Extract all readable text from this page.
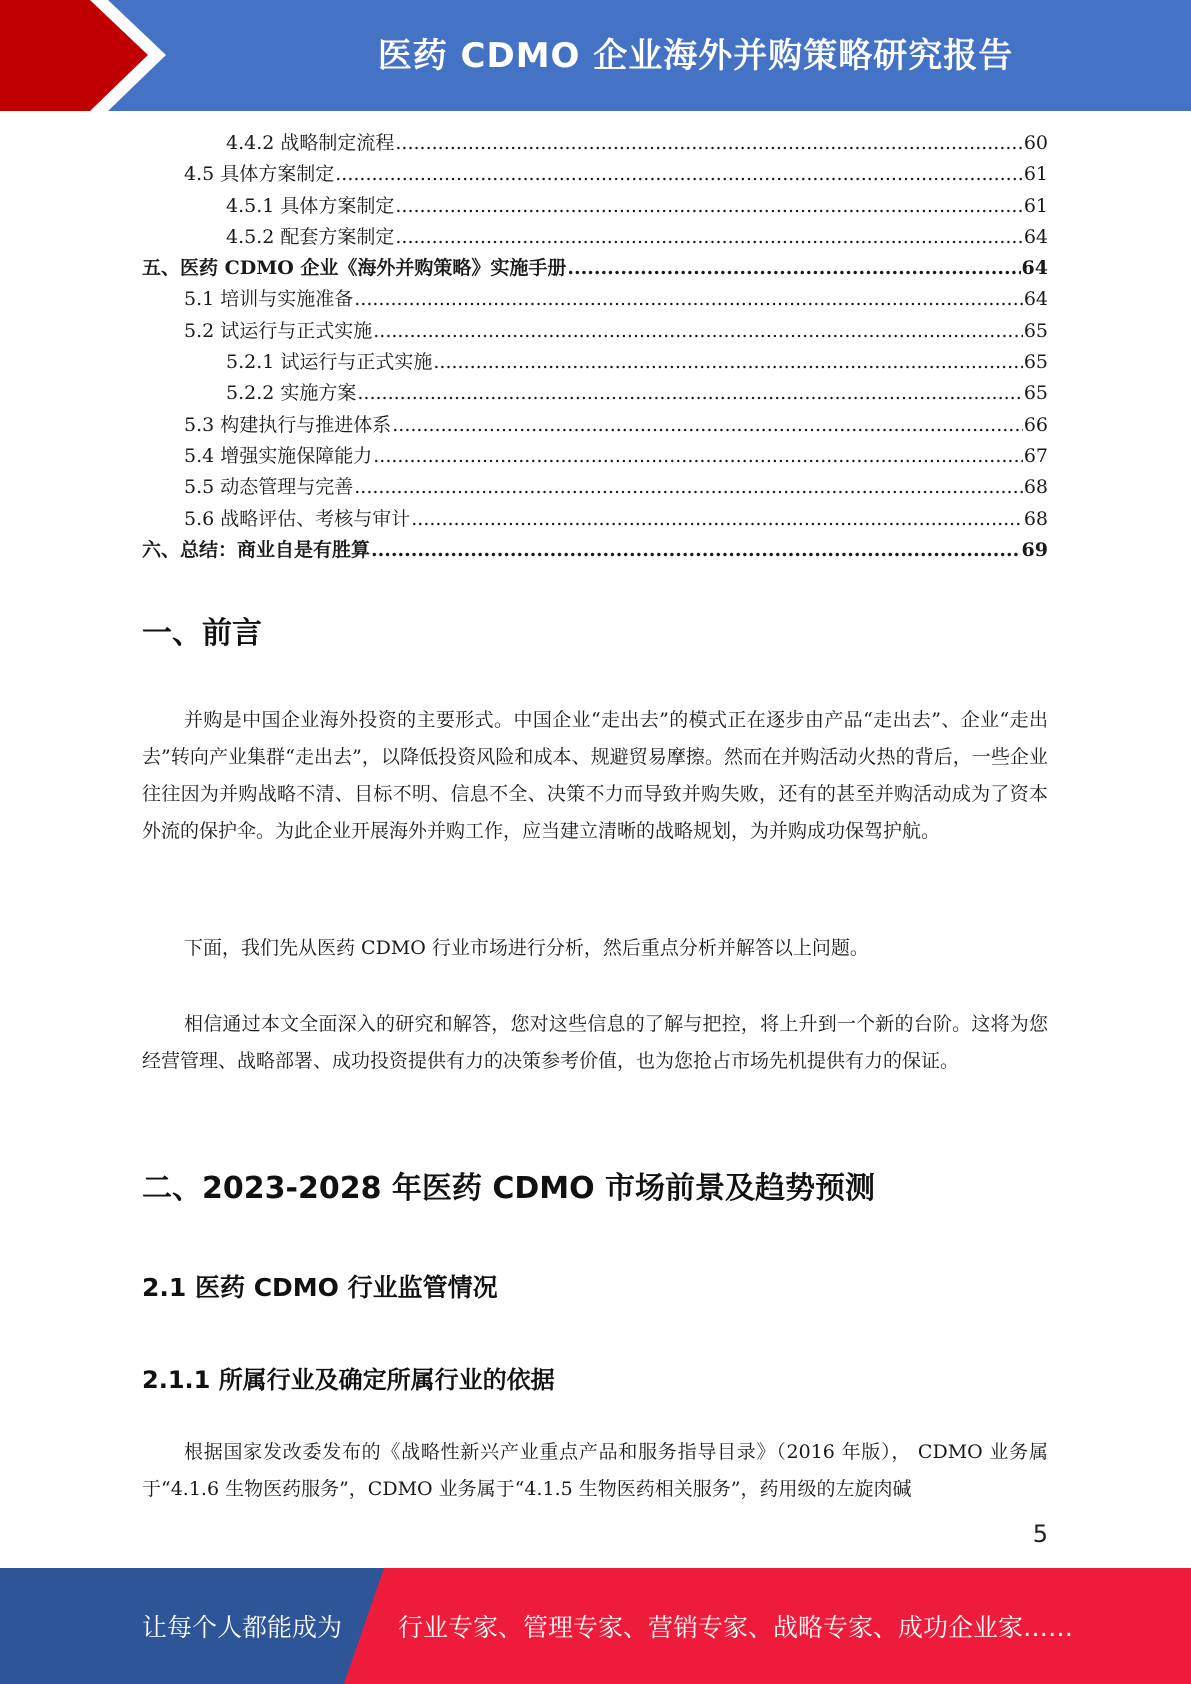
医药 CDMO 企业海外并购策略研究报告
4.4.2 战略制定流程 .....	60
4.5 具体方案制定 .....	61
4.5.1 具体方案制定 .....	61
4.5.2 配套方案制定 .....	64
五、医药 CDMO 企业《海外并购策略》实施手册 .....	64
5.1 培训与实施准备 .....	64
5.2 试运行与正式实施 .....	65
5.2.1 试运行与正式实施 .....	65
5.2.2 实施方案 .....	65
5.3 构建执行与推进体系 .....	66
5.4 增强实施保障能力 .....	67
5.5 动态管理与完善 .....	68
5.6 战略评估、考核与审计 .....	68
六、总结：商业自是有胜算 .....	69
一、前言

并购是中国企业海外投资的主要形式。中国企业“走出去”的模式正在逐步由产品“走出去”、企业“走出去”转向产业集群“走出去”，以降低投资风险和成本、规避贸易摩擦。然而在并购活动火热的背后，一些企业往往因为并购战略不清、目标不明、信息不全、决策不力而导致并购失败，还有的甚至并购活动成为了资本外流的保护伞。为此企业开展海外并购工作，应当建立清晰的战略规划，为并购成功保驾护航。

下面，我们先从医药 CDMO 行业市场进行分析，然后重点分析并解答以上问题。

相信通过本文全面深入的研究和解答，您对这些信息的了解与把控，将上升到一个新的台阶。这将为您经营管理、战略部署、成功投资提供有力的决策参考价值，也为您抢占市场先机提供有力的保证。

二、2023-2028 年医药 CDMO 市场前景及趋势预测
2.1 医药 CDMO 行业监管情况
2.1.1 所属行业及确定所属行业的依据

根据国家发改委发布的《战略性新兴产业重点产品和服务指导目录》（2016 年版）， CDMO 业务属于“4.1.6 生物医药服务”，CDMO 业务属于“4.1.5 生物医药相关服务”，药用级的左旋肉碱

5
让每个人都能成为 行业专家、管理专家、营销专家、战略专家、成功企业家……
